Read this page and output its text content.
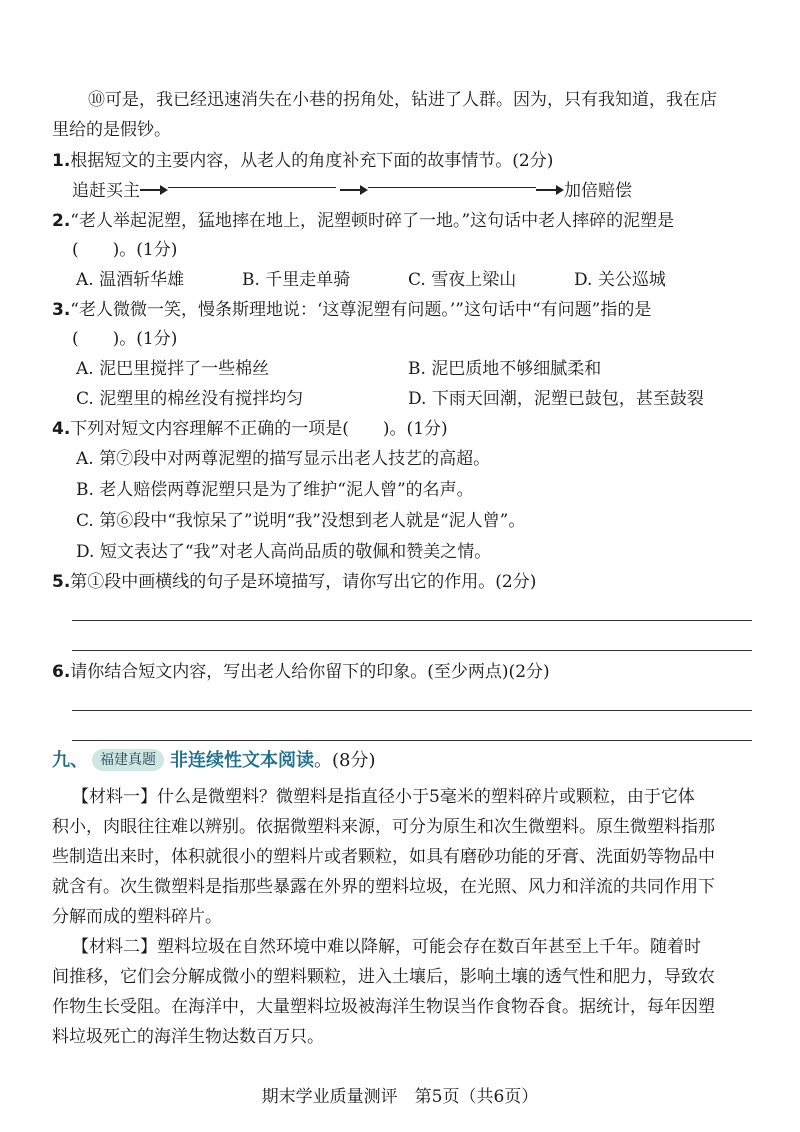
⑩可是，我已经迅速消失在小巷的拐角处，钻进了人群。因为，只有我知道，我在店
里给的是假钞。
1.根据短文的主要内容，从老人的角度补充下面的故事情节。(2分)
追赶买主	加倍赔偿
2.“老人举起泥塑，猛地摔在地上，泥塑顿时碎了一地。”这句话中老人摔碎的泥塑是
(　　)。(1分)
A. 温酒斩华雄	B. 千里走单骑	C. 雪夜上梁山	D. 关公巡城
3.“老人微微一笑，慢条斯理地说：‘这尊泥塑有问题。’”这句话中“有问题”指的是
(　　)。(1分)
A. 泥巴里搅拌了一些棉丝	B. 泥巴质地不够细腻柔和
C. 泥塑里的棉丝没有搅拌均匀	D. 下雨天回潮，泥塑已鼓包，甚至鼓裂
4.下列对短文内容理解不正确的一项是(　　)。(1分)
A. 第⑦段中对两尊泥塑的描写显示出老人技艺的高超。
B. 老人赔偿两尊泥塑只是为了维护“泥人曾”的名声。
C. 第⑥段中“我惊呆了”说明“我”没想到老人就是“泥人曾”。
D. 短文表达了“我”对老人高尚品质的敬佩和赞美之情。
5.第①段中画横线的句子是环境描写，请你写出它的作用。(2分)
6.请你结合短文内容，写出老人给你留下的印象。(至少两点)(2分)
九、 福建真题 非连续性文本阅读。(8分)
【材料一】什么是微塑料？微塑料是指直径小于5毫米的塑料碎片或颗粒，由于它体
积小，肉眼往往难以辨别。依据微塑料来源，可分为原生和次生微塑料。原生微塑料指那
些制造出来时，体积就很小的塑料片或者颗粒，如具有磨砂功能的牙膏、洗面奶等物品中
就含有。次生微塑料是指那些暴露在外界的塑料垃圾，在光照、风力和洋流的共同作用下
分解而成的塑料碎片。
【材料二】塑料垃圾在自然环境中难以降解，可能会存在数百年甚至上千年。随着时
间推移，它们会分解成微小的塑料颗粒，进入土壤后，影响土壤的透气性和肥力，导致农
作物生长受阻。在海洋中，大量塑料垃圾被海洋生物误当作食物吞食。据统计，每年因塑
料垃圾死亡的海洋生物达数百万只。
期末学业质量测评　第5页（共6页）
